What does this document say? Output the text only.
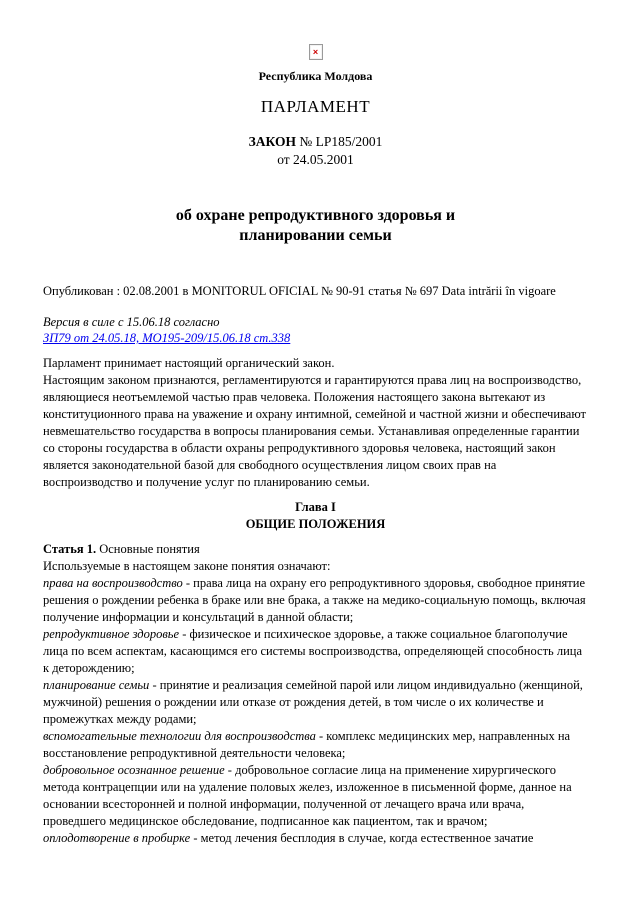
×
Республика Молдова
ПАРЛАМЕНТ
ЗАКОН № LP185/2001
от 24.05.2001
об охране репродуктивного здоровья и
планировании семьи
Опубликован : 02.08.2001 в MONITORUL OFICIAL № 90-91 статья № 697 Data intrării în vigoare
Версия в силе с 15.06.18 согласно
ЗП79 от 24.05.18, МО195-209/15.06.18 ст.338
Парламент принимает настоящий органический закон.
Настоящим законом признаются, регламентируются и гарантируются права лиц на воспроизводство, являющиеся неотъемлемой частью прав человека. Положения настоящего закона вытекают из конституционного права на уважение и охрану интимной, семейной и частной жизни и обеспечивают невмешательство государства в вопросы планирования семьи. Устанавливая определенные гарантии со стороны государства в области охраны репродуктивного здоровья человека, настоящий закон является законодательной базой для свободного осуществления лицом своих прав на воспроизводство и получение услуг по планированию семьи.
Глава I
ОБЩИЕ ПОЛОЖЕНИЯ
Статья 1. Основные понятия
Используемые в настоящем законе понятия означают:
права на воспроизводство - права лица на охрану его репродуктивного здоровья, свободное принятие решения о рождении ребенка в браке или вне брака, а также на медико-социальную помощь, включая получение информации и консультаций в данной области;
репродуктивное здоровье - физическое и психическое здоровье, а также социальное благополучие лица по всем аспектам, касающимся его системы воспроизводства, определяющей способность лица к деторождению;
планирование семьи - принятие и реализация семейной парой или лицом индивидуально (женщиной, мужчиной) решения о рождении или отказе от рождения детей, в том числе о их количестве и промежутках между родами;
вспомогательные технологии для воспроизводства - комплекс медицинских мер, направленных на восстановление репродуктивной деятельности человека;
добровольное осознанное решение - добровольное согласие лица на применение хирургического метода контрацепции или на удаление половых желез, изложенное в письменной форме, данное на основании всесторонней и полной информации, полученной от лечащего врача или врача, проведшего медицинское обследование, подписанное как пациентом, так и врачом;
оплодотворение в пробирке - метод лечения бесплодия в случае, когда естественное зачатие
